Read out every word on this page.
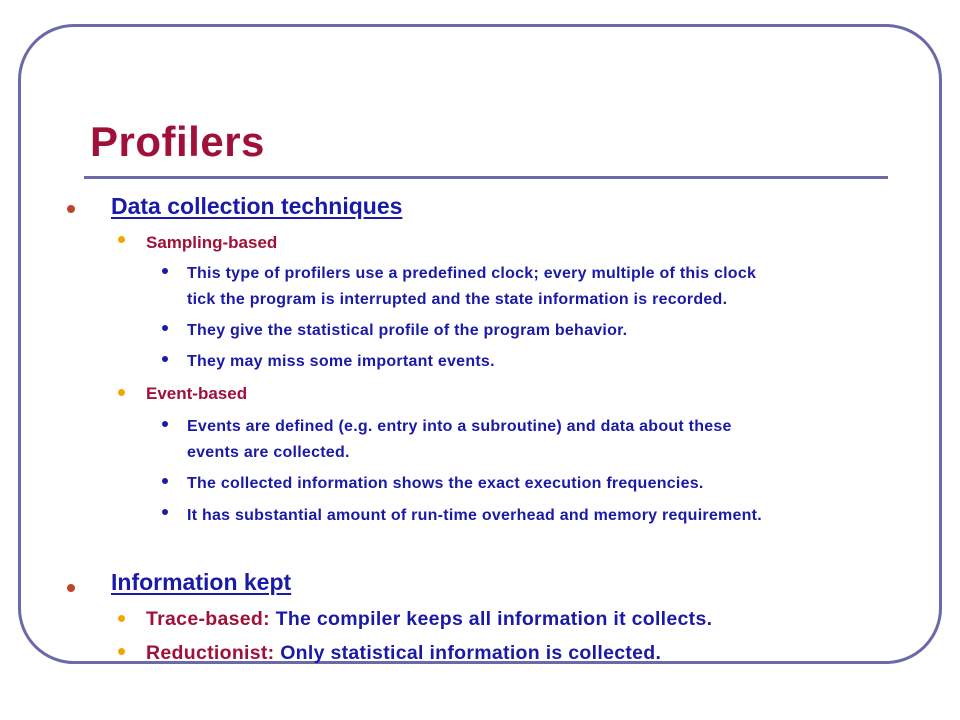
Profilers
Data collection techniques
Sampling-based
This type of profilers use a predefined clock; every multiple of this clock
tick the program is interrupted and the state information is recorded.
They give the statistical profile of the program behavior.
They may miss some important events.
Event-based
Events are defined (e.g. entry into a subroutine) and data about these
events are collected.
The collected information shows the exact execution frequencies.
It has substantial amount of run-time overhead and memory requirement.
Information kept
Trace-based: The compiler keeps all information it collects.
Reductionist: Only statistical information is collected.
